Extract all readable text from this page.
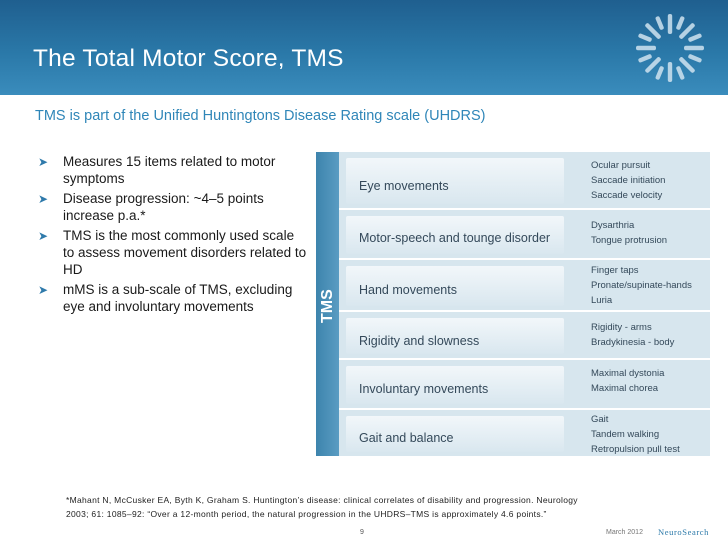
The Total Motor Score, TMS
TMS is part of the Unified Huntingtons Disease Rating scale (UHDRS)
➤ Measures 15 items related to motor symptoms
➤ Disease progression: ~4–5 points increase p.a.*
➤ TMS is the most commonly used scale to assess movement disorders related to HD
➤ mMS is a sub-scale of TMS, excluding eye and involuntary movements	TMS
Eye movements
Ocular pursuit
Saccade initiation
Saccade velocity
Motor-speech and tounge disorder
Dysarthria
Tongue protrusion
Hand movements
Finger taps
Pronate/supinate-hands
Luria
Rigidity and slowness
Rigidity - arms
Bradykinesia - body
Involuntary movements
Maximal dystonia
Maximal chorea
Gait and balance
Gait
Tandem walking
Retropulsion pull test
*Mahant N, McCusker EA, Byth K, Graham S. Huntington’s disease: clinical correlates of disability and progression. Neurology
2003; 61: 1085–92: “Over a 12-month period, the natural progression in the UHDRS–TMS is approximately 4.6 points.”
9	March 2012 NeuroSearch
